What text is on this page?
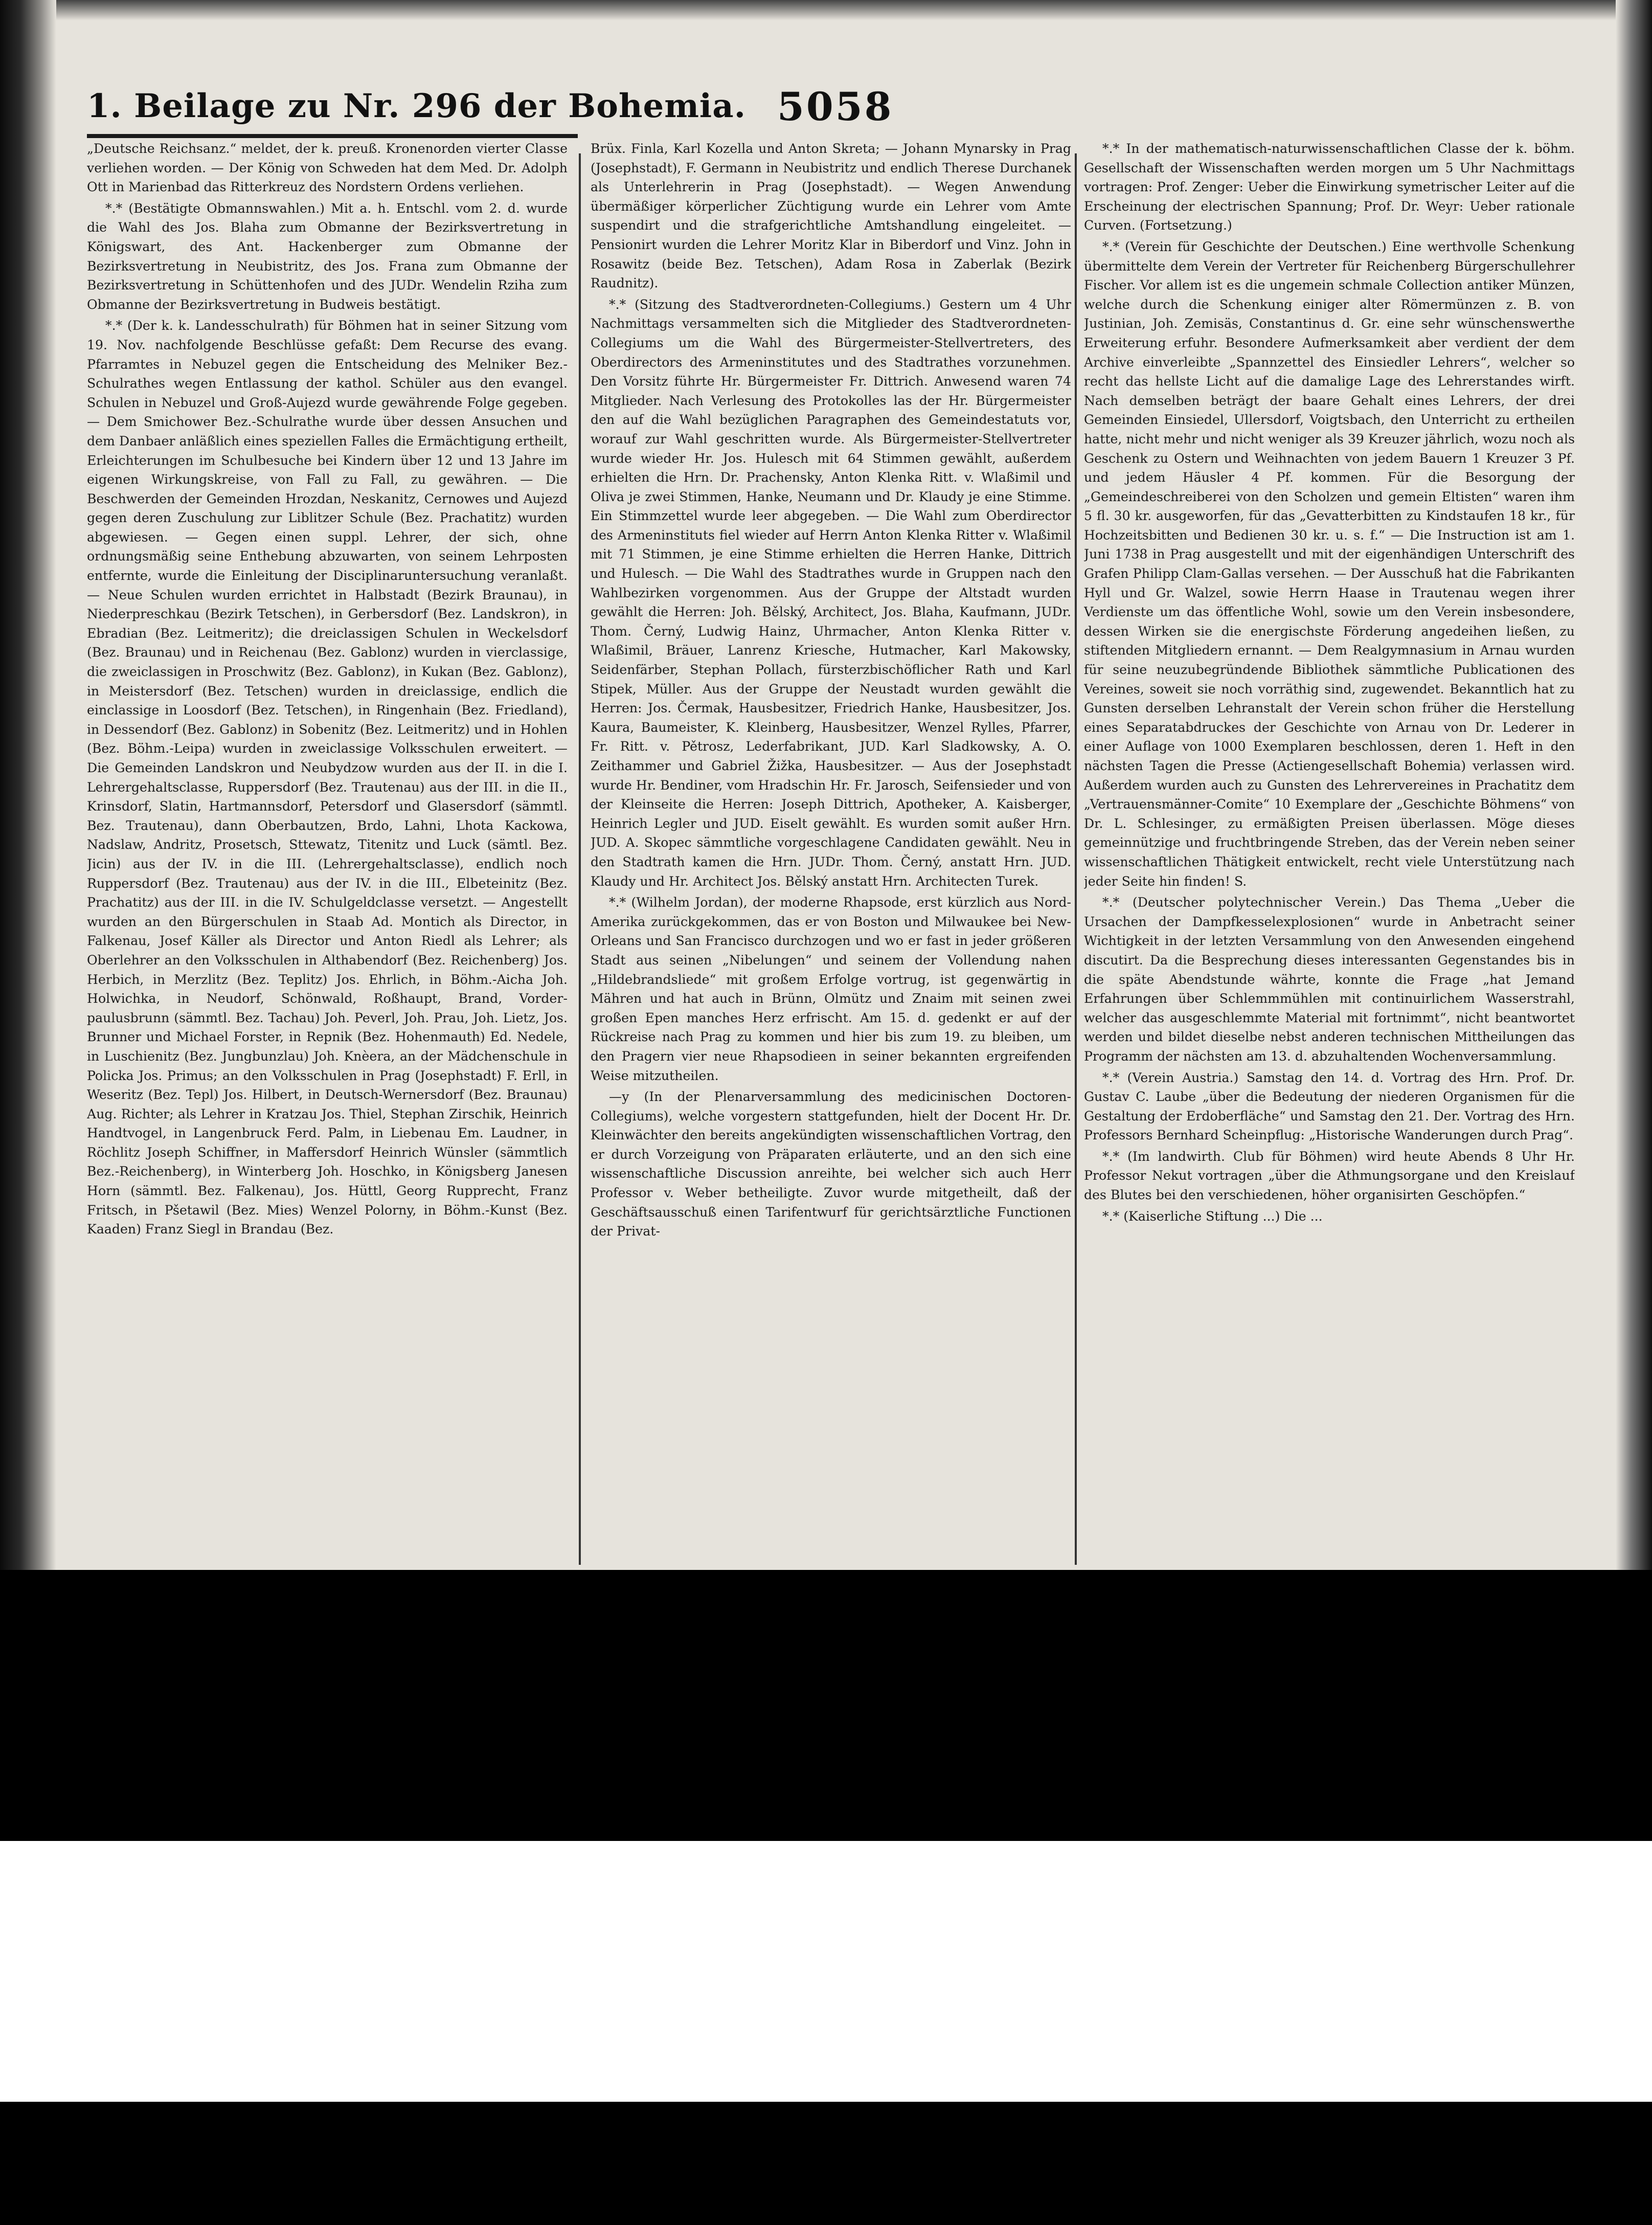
1. Beilage zu Nr. 296 der Bohemia. 5058

„Deutsche Reichsanz.“ meldet, der k. preuß. Kronenorden vierter Classe verliehen worden. — Der König von Schweden hat dem Med. Dr. Adolph Ott in Marienbad das Ritterkreuz des Nordstern Ordens verliehen.

*.* (Bestätigte Obmannswahlen.) Mit a. h. Entschl. vom 2. d. wurde die Wahl des Jos. Blaha zum Obmanne der Bezirksvertretung in Königswart, des Ant. Hackenberger zum Obmanne der Bezirksvertretung in Neubistritz, des Jos. Frana zum Obmanne der Bezirksvertretung in Schüttenhofen und des JUDr. Wendelin Rziha zum Obmanne der Bezirksvertretung in Budweis bestätigt.

*.* (Der k. k. Landesschulrath) für Böhmen hat in seiner Sitzung vom 19. Nov. nachfolgende Beschlüsse gefaßt: Dem Recurse des evang. Pfarramtes in Nebuzel gegen die Entscheidung des Melniker Bez.-Schulrathes wegen Entlassung der kathol. Schüler aus den evangel. Schulen in Nebuzel und Groß-Aujezd wurde gewährende Folge gegeben. — Dem Smichower Bez.-Schulrathe wurde über dessen Ansuchen und dem Danbaer anläßlich eines speziellen Falles die Ermächtigung ertheilt, Erleichterungen im Schulbesuche bei Kindern über 12 und 13 Jahre im eigenen Wirkungskreise, von Fall zu Fall, zu gewähren. — Die Beschwerden der Gemeinden Hrozdan, Neskanitz, Cernowes und Aujezd gegen deren Zuschulung zur Liblitzer Schule (Bez. Prachatitz) wurden abgewiesen. — Gegen einen suppl. Lehrer, der sich, ohne ordnungsmäßig seine Enthebung abzuwarten, von seinem Lehrposten entfernte, wurde die Einleitung der Disciplinaruntersuchung veranlaßt. — Neue Schulen wurden errichtet in Halbstadt (Bezirk Braunau), in Niederpreschkau (Bezirk Tetschen), in Gerbersdorf (Bez. Landskron), in Ebradian (Bez. Leitmeritz); die dreiclassigen Schulen in Weckelsdorf (Bez. Braunau) und in Reichenau (Bez. Gablonz) wurden in vierclassige, die zweiclassigen in Proschwitz (Bez. Gablonz), in Kukan (Bez. Gablonz), in Meistersdorf (Bez. Tetschen) wurden in dreiclassige, endlich die einclassige in Loosdorf (Bez. Tetschen), in Ringenhain (Bez. Friedland), in Dessendorf (Bez. Gablonz) in Sobenitz (Bez. Leitmeritz) und in Hohlen (Bez. Böhm.-Leipa) wurden in zweiclassige Volksschulen erweitert. — Die Gemeinden Landskron und Neubydzow wurden aus der II. in die I. Lehrergehaltsclasse, Ruppersdorf (Bez. Trautenau) aus der III. in die II., Krinsdorf, Slatin, Hartmannsdorf, Petersdorf und Glasersdorf (sämmtl. Bez. Trautenau), dann Oberbautzen, Brdo, Lahni, Lhota Kackowa, Nadslaw, Andritz, Prosetsch, Sttewatz, Titenitz und Luck (sämtl. Bez. Jicin) aus der IV. in die III. (Lehrergehaltsclasse), endlich noch Ruppersdorf (Bez. Trautenau) aus der IV. in die III., Elbeteinitz (Bez. Prachatitz) aus der III. in die IV. Schulgeldclasse versetzt. — Angestellt wurden an den Bürgerschulen in Staab Ad. Montich als Director, in Falkenau, Josef Käller als Director und Anton Riedl als Lehrer; als Oberlehrer an den Volksschulen in Althabendorf (Bez. Reichenberg) Jos. Herbich, in Merzlitz (Bez. Teplitz) Jos. Ehrlich, in Böhm.-Aicha Joh. Holwichka, in Neudorf, Schönwald, Roßhaupt, Brand, Vorder-paulusbrunn (sämmtl. Bez. Tachau) Joh. Peverl, Joh. Prau, Joh. Lietz, Jos. Brunner und Michael Forster, in Repnik (Bez. Hohenmauth) Ed. Nedele, in Luschienitz (Bez. Jungbunzlau) Joh. Knèera, an der Mädchenschule in Policka Jos. Primus; an den Volksschulen in Prag (Josephstadt) F. Erll, in Weseritz (Bez. Tepl) Jos. Hilbert, in Deutsch-Wernersdorf (Bez. Braunau) Aug. Richter; als Lehrer in Kratzau Jos. Thiel, Stephan Zirschik, Heinrich Handtvogel, in Langenbruck Ferd. Palm, in Liebenau Em. Laudner, in Röchlitz Joseph Schiffner, in Maffersdorf Heinrich Wünsler (sämmtlich Bez.-Reichenberg), in Winterberg Joh. Hoschko, in Königsberg Janesen Horn (sämmtl. Bez. Falkenau), Jos. Hüttl, Georg Rupprecht, Franz Fritsch, in Pšetawil (Bez. Mies) Wenzel Polorny, in Böhm.-Kunst (Bez. Kaaden) Franz Siegl in Brandau (Bez.

Brüx. Finla, Karl Kozella und Anton Skreta; — Johann Mynarsky in Prag (Josephstadt), F. Germann in Neubistritz und endlich Therese Durchanek als Unterlehrerin in Prag (Josephstadt). — Wegen Anwendung übermäßiger körperlicher Züchtigung wurde ein Lehrer vom Amte suspendirt und die strafgerichtliche Amtshandlung eingeleitet. — Pensionirt wurden die Lehrer Moritz Klar in Biberdorf und Vinz. John in Rosawitz (beide Bez. Tetschen), Adam Rosa in Zaberlak (Bezirk Raudnitz).

*.* (Sitzung des Stadtverordneten-Collegiums.) Gestern um 4 Uhr Nachmittags versammelten sich die Mitglieder des Stadtverordneten-Collegiums um die Wahl des Bürgermeister-Stellvertreters, des Oberdirectors des Armeninstitutes und des Stadtrathes vorzunehmen. Den Vorsitz führte Hr. Bürgermeister Fr. Dittrich. Anwesend waren 74 Mitglieder. Nach Verlesung des Protokolles las der Hr. Bürgermeister den auf die Wahl bezüglichen Paragraphen des Gemeindestatuts vor, worauf zur Wahl geschritten wurde. Als Bürgermeister-Stellvertreter wurde wieder Hr. Jos. Hulesch mit 64 Stimmen gewählt, außerdem erhielten die Hrn. Dr. Prachensky, Anton Klenka Ritt. v. Wlaßimil und Oliva je zwei Stimmen, Hanke, Neumann und Dr. Klaudy je eine Stimme. Ein Stimmzettel wurde leer abgegeben. — Die Wahl zum Oberdirector des Armeninstituts fiel wieder auf Herrn Anton Klenka Ritter v. Wlaßimil mit 71 Stimmen, je eine Stimme erhielten die Herren Hanke, Dittrich und Hulesch. — Die Wahl des Stadtrathes wurde in Gruppen nach den Wahlbezirken vorgenommen. Aus der Gruppe der Altstadt wurden gewählt die Herren: Joh. Bělský, Architect, Jos. Blaha, Kaufmann, JUDr. Thom. Černý, Ludwig Hainz, Uhrmacher, Anton Klenka Ritter v. Wlaßimil, Bräuer, Lanrenz Kriesche, Hutmacher, Karl Makowsky, Seidenfärber, Stephan Pollach, fürsterzbischöflicher Rath und Karl Stipek, Müller. Aus der Gruppe der Neustadt wurden gewählt die Herren: Jos. Čermak, Hausbesitzer, Friedrich Hanke, Hausbesitzer, Jos. Kaura, Baumeister, K. Kleinberg, Hausbesitzer, Wenzel Rylles, Pfarrer, Fr. Ritt. v. Pětrosz, Lederfabrikant, JUD. Karl Sladkowsky, A. O. Zeithammer und Gabriel Žižka, Hausbesitzer. — Aus der Josephstadt wurde Hr. Bendiner, vom Hradschin Hr. Fr. Jarosch, Seifensieder und von der Kleinseite die Herren: Joseph Dittrich, Apotheker, A. Kaisberger, Heinrich Legler und JUD. Eiselt gewählt. Es wurden somit außer Hrn. JUD. A. Skopec sämmtliche vorgeschlagene Candidaten gewählt. Neu in den Stadtrath kamen die Hrn. JUDr. Thom. Černý, anstatt Hrn. JUD. Klaudy und Hr. Architect Jos. Bělský anstatt Hrn. Architecten Turek.

*.* (Wilhelm Jordan), der moderne Rhapsode, erst kürzlich aus Nord-Amerika zurückgekommen, das er von Boston und Milwaukee bei New-Orleans und San Francisco durchzogen und wo er fast in jeder größeren Stadt aus seinen „Nibelungen“ und seinem der Vollendung nahen „Hildebrandsliede“ mit großem Erfolge vortrug, ist gegenwärtig in Mähren und hat auch in Brünn, Olmütz und Znaim mit seinen zwei großen Epen manches Herz erfrischt. Am 15. d. gedenkt er auf der Rückreise nach Prag zu kommen und hier bis zum 19. zu bleiben, um den Pragern vier neue Rhapsodieen in seiner bekannten ergreifenden Weise mitzutheilen.

—y (In der Plenarversammlung des medicinischen Doctoren-Collegiums), welche vorgestern stattgefunden, hielt der Docent Hr. Dr. Kleinwächter den bereits angekündigten wissenschaftlichen Vortrag, den er durch Vorzeigung von Präparaten erläuterte, und an den sich eine wissenschaftliche Discussion anreihte, bei welcher sich auch Herr Professor v. Weber betheiligte. Zuvor wurde mitgetheilt, daß der Geschäftsausschuß einen Tarifentwurf für gerichtsärztliche Functionen der Privat-

*.* In der mathematisch-naturwissenschaftlichen Classe der k. böhm. Gesellschaft der Wissenschaften werden morgen um 5 Uhr Nachmittags vortragen: Prof. Zenger: Ueber die Einwirkung symetrischer Leiter auf die Erscheinung der electrischen Spannung; Prof. Dr. Weyr: Ueber rationale Curven. (Fortsetzung.)

*.* (Verein für Geschichte der Deutschen.) Eine werthvolle Schenkung übermittelte dem Verein der Vertreter für Reichenberg Bürgerschullehrer Fischer. Vor allem ist es die ungemein schmale Collection antiker Münzen, welche durch die Schenkung einiger alter Römermünzen z. B. von Justinian, Joh. Zemisäs, Constantinus d. Gr. eine sehr wünschenswerthe Erweiterung erfuhr. Besondere Aufmerksamkeit aber verdient der dem Archive einverleibte „Spannzettel des Einsiedler Lehrers“, welcher so recht das hellste Licht auf die damalige Lage des Lehrerstandes wirft. Nach demselben beträgt der baare Gehalt eines Lehrers, der drei Gemeinden Einsiedel, Ullersdorf, Voigtsbach, den Unterricht zu ertheilen hatte, nicht mehr und nicht weniger als 39 Kreuzer jährlich, wozu noch als Geschenk zu Ostern und Weihnachten von jedem Bauern 1 Kreuzer 3 Pf. und jedem Häusler 4 Pf. kommen. Für die Besorgung der „Gemeindeschreiberei von den Scholzen und gemein Eltisten“ waren ihm 5 fl. 30 kr. ausgeworfen, für das „Gevatterbitten zu Kindstaufen 18 kr., für Hochzeitsbitten und Bedienen 30 kr. u. s. f.“ — Die Instruction ist am 1. Juni 1738 in Prag ausgestellt und mit der eigenhändigen Unterschrift des Grafen Philipp Clam-Gallas versehen. — Der Ausschuß hat die Fabrikanten Hyll und Gr. Walzel, sowie Herrn Haase in Trautenau wegen ihrer Verdienste um das öffentliche Wohl, sowie um den Verein insbesondere, dessen Wirken sie die energischste Förderung angedeihen ließen, zu stiftenden Mitgliedern ernannt. — Dem Realgymnasium in Arnau wurden für seine neuzubegründende Bibliothek sämmtliche Publicationen des Vereines, soweit sie noch vorräthig sind, zugewendet. Bekanntlich hat zu Gunsten derselben Lehranstalt der Verein schon früher die Herstellung eines Separatabdruckes der Geschichte von Arnau von Dr. Lederer in einer Auflage von 1000 Exemplaren beschlossen, deren 1. Heft in den nächsten Tagen die Presse (Actiengesellschaft Bohemia) verlassen wird. Außerdem wurden auch zu Gunsten des Lehrervereines in Prachatitz dem „Vertrauensmänner-Comite“ 10 Exemplare der „Geschichte Böhmens“ von Dr. L. Schlesinger, zu ermäßigten Preisen überlassen. Möge dieses gemeinnützige und fruchtbringende Streben, das der Verein neben seiner wissenschaftlichen Thätigkeit entwickelt, recht viele Unterstützung nach jeder Seite hin finden! S.

*.* (Deutscher polytechnischer Verein.) Das Thema „Ueber die Ursachen der Dampfkesselexplosionen“ wurde in Anbetracht seiner Wichtigkeit in der letzten Versammlung von den Anwesenden eingehend discutirt. Da die Besprechung dieses interessanten Gegenstandes bis in die späte Abendstunde währte, konnte die Frage „hat Jemand Erfahrungen über Schlemmmühlen mit continuirlichem Wasserstrahl, welcher das ausgeschlemmte Material mit fortnimmt“, nicht beantwortet werden und bildet dieselbe nebst anderen technischen Mittheilungen das Programm der nächsten am 13. d. abzuhaltenden Wochenversammlung.

*.* (Verein Austria.) Samstag den 14. d. Vortrag des Hrn. Prof. Dr. Gustav C. Laube „über die Bedeutung der niederen Organismen für die Gestaltung der Erdoberfläche“ und Samstag den 21. Der. Vortrag des Hrn. Professors Bernhard Scheinpflug: „Historische Wanderungen durch Prag“.

*.* (Im landwirth. Club für Böhmen) wird heute Abends 8 Uhr Hr. Professor Nekut vortragen „über die Athmungsorgane und den Kreislauf des Blutes bei den verschiedenen, höher organisirten Geschöpfen.“

*.* (Kaiserliche Stiftung ...) Die ...
